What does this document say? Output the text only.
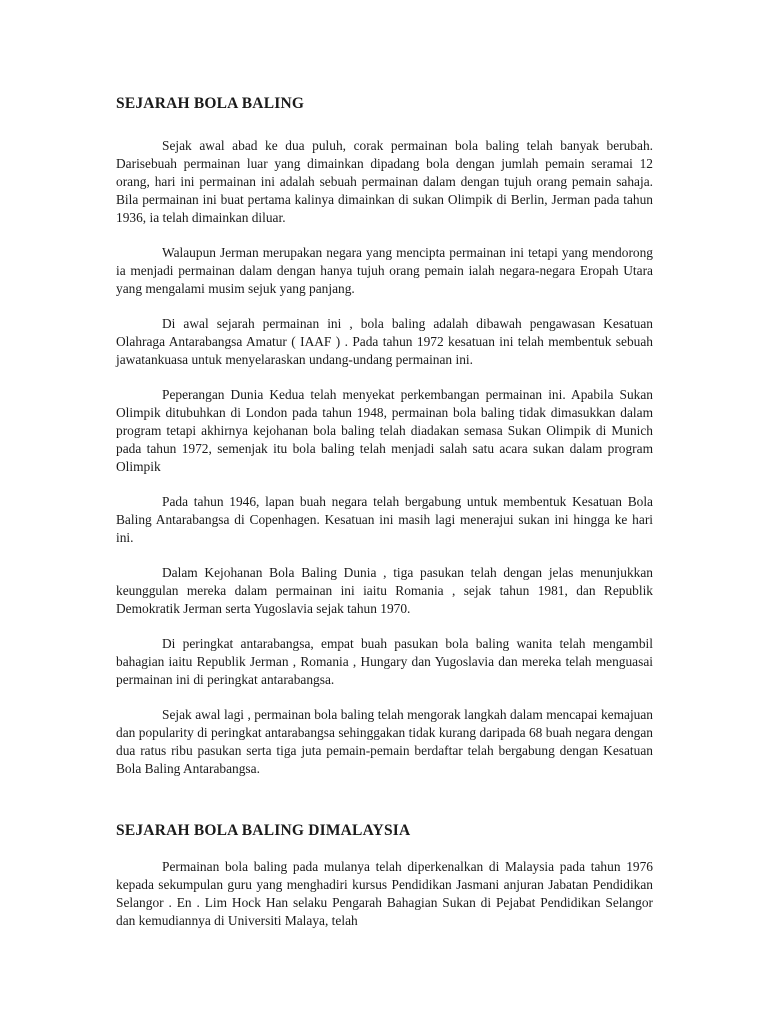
SEJARAH BOLA BALING

Sejak awal abad ke dua puluh, corak permainan bola baling telah banyak berubah. Darisebuah permainan luar yang dimainkan dipadang bola dengan jumlah pemain seramai 12 orang, hari ini permainan ini adalah sebuah permainan dalam dengan tujuh orang pemain sahaja. Bila permainan ini buat pertama kalinya dimainkan di sukan Olimpik di Berlin, Jerman pada tahun 1936, ia telah dimainkan diluar.

Walaupun Jerman merupakan negara yang mencipta permainan ini tetapi yang mendorong ia menjadi permainan dalam dengan hanya tujuh orang pemain ialah negara-negara Eropah Utara yang mengalami musim sejuk yang panjang.

Di awal sejarah permainan ini , bola baling adalah dibawah pengawasan Kesatuan Olahraga Antarabangsa Amatur ( IAAF ) . Pada tahun 1972 kesatuan ini telah membentuk sebuah jawatankuasa untuk menyelaraskan undang-undang permainan ini.

Peperangan Dunia Kedua telah menyekat perkembangan permainan ini. Apabila Sukan Olimpik ditubuhkan di London pada tahun 1948, permainan bola baling tidak dimasukkan dalam program tetapi akhirnya kejohanan bola baling telah diadakan semasa Sukan Olimpik di Munich pada tahun 1972, semenjak itu bola baling telah menjadi salah satu acara sukan dalam program Olimpik

Pada tahun 1946, lapan buah negara telah bergabung untuk membentuk Kesatuan Bola Baling Antarabangsa di Copenhagen. Kesatuan ini masih lagi menerajui sukan ini hingga ke hari ini.

Dalam Kejohanan Bola Baling Dunia , tiga pasukan telah dengan jelas menunjukkan keunggulan mereka dalam permainan ini iaitu Romania , sejak tahun 1981, dan Republik Demokratik Jerman serta Yugoslavia sejak tahun 1970.

Di peringkat antarabangsa, empat buah pasukan bola baling wanita telah mengambil bahagian iaitu Republik Jerman , Romania , Hungary dan Yugoslavia dan mereka telah menguasai permainan ini di peringkat antarabangsa.

Sejak awal lagi , permainan bola baling telah mengorak langkah dalam mencapai kemajuan dan popularity di peringkat antarabangsa sehinggakan tidak kurang daripada 68 buah negara dengan dua ratus ribu pasukan serta tiga juta pemain-pemain berdaftar telah bergabung dengan Kesatuan Bola Baling Antarabangsa.

SEJARAH BOLA BALING DIMALAYSIA

Permainan bola baling pada mulanya telah diperkenalkan di Malaysia pada tahun 1976 kepada sekumpulan guru yang menghadiri kursus Pendidikan Jasmani anjuran Jabatan Pendidikan Selangor . En . Lim Hock Han selaku Pengarah Bahagian Sukan di Pejabat Pendidikan Selangor dan kemudiannya di Universiti Malaya, telah
